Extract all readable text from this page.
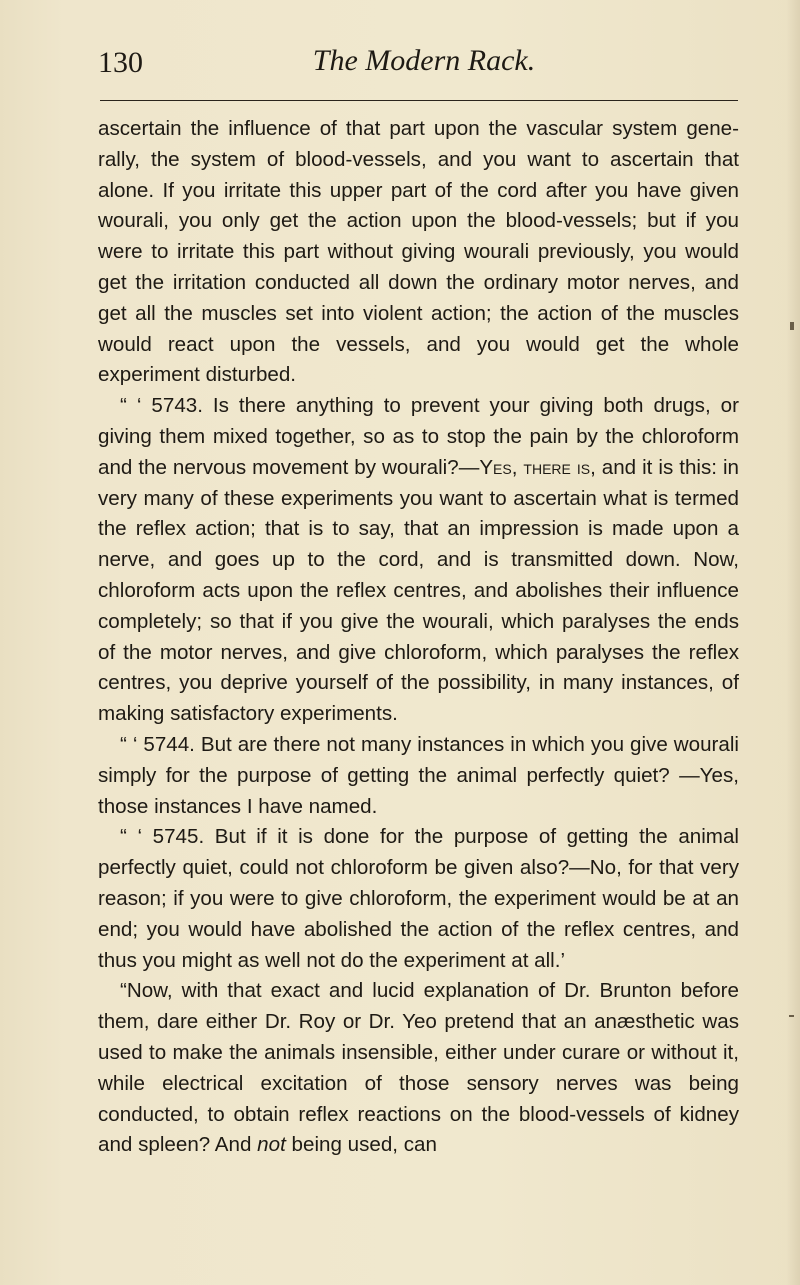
130	The Modern Rack.

ascertain the influence of that part upon the vascular system generally, the system of blood-vessels, and you want to ascertain that alone. If you irritate this upper part of the cord after you have given wourali, you only get the action upon the blood-vessels; but if you were to irritate this part without giving wourali previously, you would get the irritation conducted all down the ordinary motor nerves, and get all the muscles set into violent action; the action of the muscles would react upon the vessels, and you would get the whole experiment disturbed.

“ ‘ 5743. Is there anything to prevent your giving both drugs, or giving them mixed together, so as to stop the pain by the chloroform and the nervous movement by wourali?—Yes, there is, and it is this: in very many of these experiments you want to ascertain what is termed the reflex action; that is to say, that an impression is made upon a nerve, and goes up to the cord, and is transmitted down. Now, chloroform acts upon the reflex centres, and abolishes their influence completely; so that if you give the wourali, which paralyses the ends of the motor nerves, and give chloroform, which paralyses the reflex centres, you deprive yourself of the possibility, in many instances, of making satisfactory experiments.

“ ‘ 5744. But are there not many instances in which you give wourali simply for the purpose of getting the animal perfectly quiet? —Yes, those instances I have named.

“ ‘ 5745. But if it is done for the purpose of getting the animal perfectly quiet, could not chloroform be given also?—No, for that very reason; if you were to give chloroform, the experiment would be at an end; you would have abolished the action of the reflex centres, and thus you might as well not do the experiment at all.’

“Now, with that exact and lucid explanation of Dr. Brunton before them, dare either Dr. Roy or Dr. Yeo pretend that an anæsthetic was used to make the animals insensible, either under curare or without it, while electrical excitation of those sensory nerves was being conducted, to obtain reflex reactions on the blood-vessels of kidney and spleen? And not being used, can
